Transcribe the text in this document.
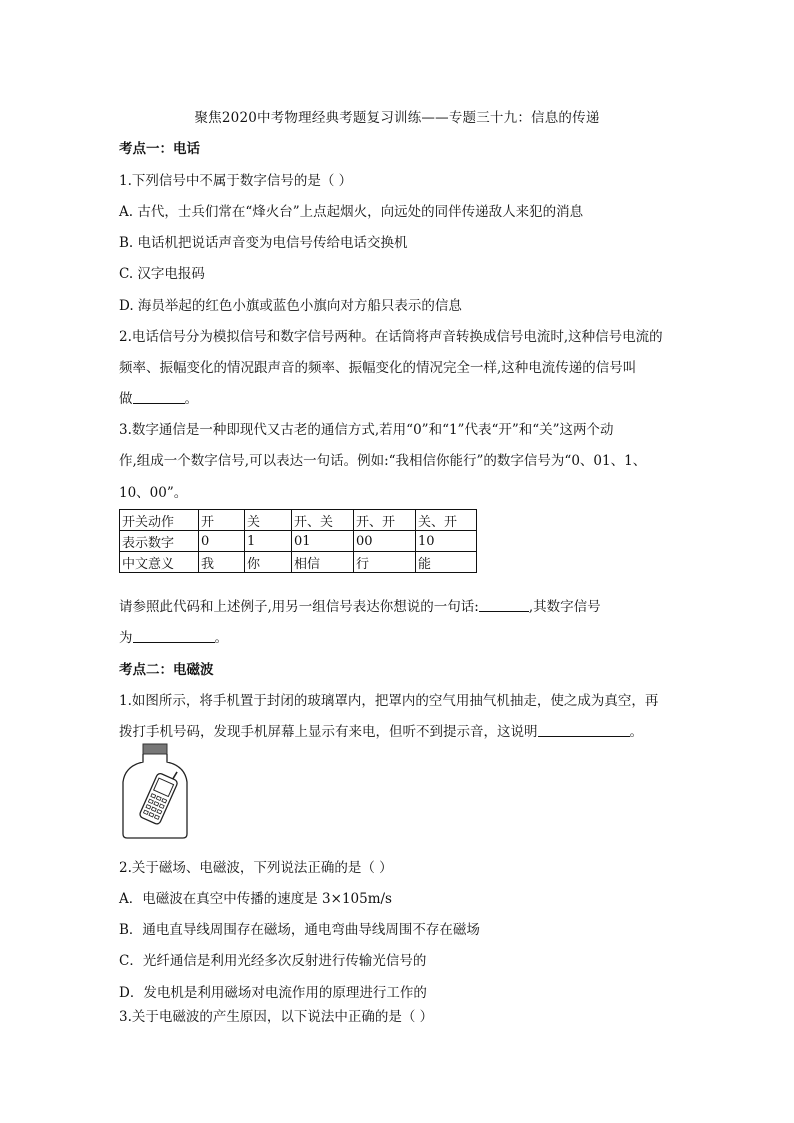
聚焦2020中考物理经典考题复习训练——专题三十九：信息的传递
考点一：电话
1.下列信号中不属于数字信号的是（ ）
A. 古代，士兵们常在“烽火台”上点起烟火，向远处的同伴传递敌人来犯的消息
B. 电话机把说话声音变为电信号传给电话交换机
C. 汉字电报码
D. 海员举起的红色小旗或蓝色小旗向对方船只表示的信息
2.电话信号分为模拟信号和数字信号两种。在话筒将声音转换成信号电流时,这种信号电流的
频率、振幅变化的情况跟声音的频率、振幅变化的情况完全一样,这种电流传递的信号叫
做	。
3.数字通信是一种即现代又古老的通信方式,若用“0”和“1”代表“开”和“关”这两个动
作,组成一个数字信号,可以表达一句话。例如:“我相信你能行”的数字信号为“0、01、1、
10、00”。
开关动作	开	关	开、关	开、开	关、开
表示数字	0	1	01	00	10
中文意义	我	你	相信	行	能
请参照此代码和上述例子,用另一组信号表达你想说的一句话:	,其数字信号
为	。
考点二：电磁波
1.如图所示，将手机置于封闭的玻璃罩内，把罩内的空气用抽气机抽走，使之成为真空，再
拨打手机号码，发现手机屏幕上显示有来电，但听不到提示音，这说明	。
2.关于磁场、电磁波，下列说法正确的是（ ）
A．电磁波在真空中传播的速度是 3×105m/s
B．通电直导线周围存在磁场，通电弯曲导线周围不存在磁场
C．光纤通信是利用光经多次反射进行传输光信号的
D．发电机是利用磁场对电流作用的原理进行工作的
3.关于电磁波的产生原因，以下说法中正确的是（ ）
